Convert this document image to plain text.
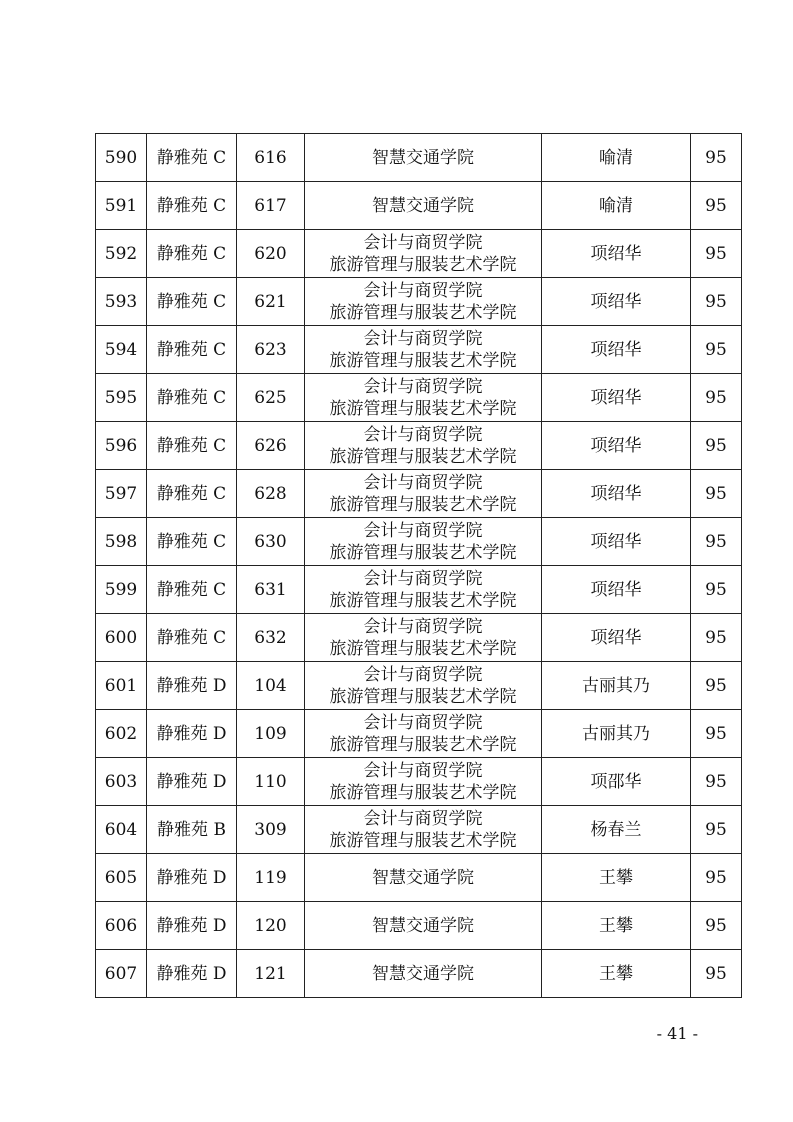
590	静雅苑 C	616	智慧交通学院	喻清	95
591	静雅苑 C	617	智慧交通学院	喻清	95
592	静雅苑 C	620	会计与商贸学院
旅游管理与服装艺术学院	项绍华	95
593	静雅苑 C	621	会计与商贸学院
旅游管理与服装艺术学院	项绍华	95
594	静雅苑 C	623	会计与商贸学院
旅游管理与服装艺术学院	项绍华	95
595	静雅苑 C	625	会计与商贸学院
旅游管理与服装艺术学院	项绍华	95
596	静雅苑 C	626	会计与商贸学院
旅游管理与服装艺术学院	项绍华	95
597	静雅苑 C	628	会计与商贸学院
旅游管理与服装艺术学院	项绍华	95
598	静雅苑 C	630	会计与商贸学院
旅游管理与服装艺术学院	项绍华	95
599	静雅苑 C	631	会计与商贸学院
旅游管理与服装艺术学院	项绍华	95
600	静雅苑 C	632	会计与商贸学院
旅游管理与服装艺术学院	项绍华	95
601	静雅苑 D	104	会计与商贸学院
旅游管理与服装艺术学院	古丽其乃	95
602	静雅苑 D	109	会计与商贸学院
旅游管理与服装艺术学院	古丽其乃	95
603	静雅苑 D	110	会计与商贸学院
旅游管理与服装艺术学院	项邵华	95
604	静雅苑 B	309	会计与商贸学院
旅游管理与服装艺术学院	杨春兰	95
605	静雅苑 D	119	智慧交通学院	王攀	95
606	静雅苑 D	120	智慧交通学院	王攀	95
607	静雅苑 D	121	智慧交通学院	王攀	95
- 41 -
